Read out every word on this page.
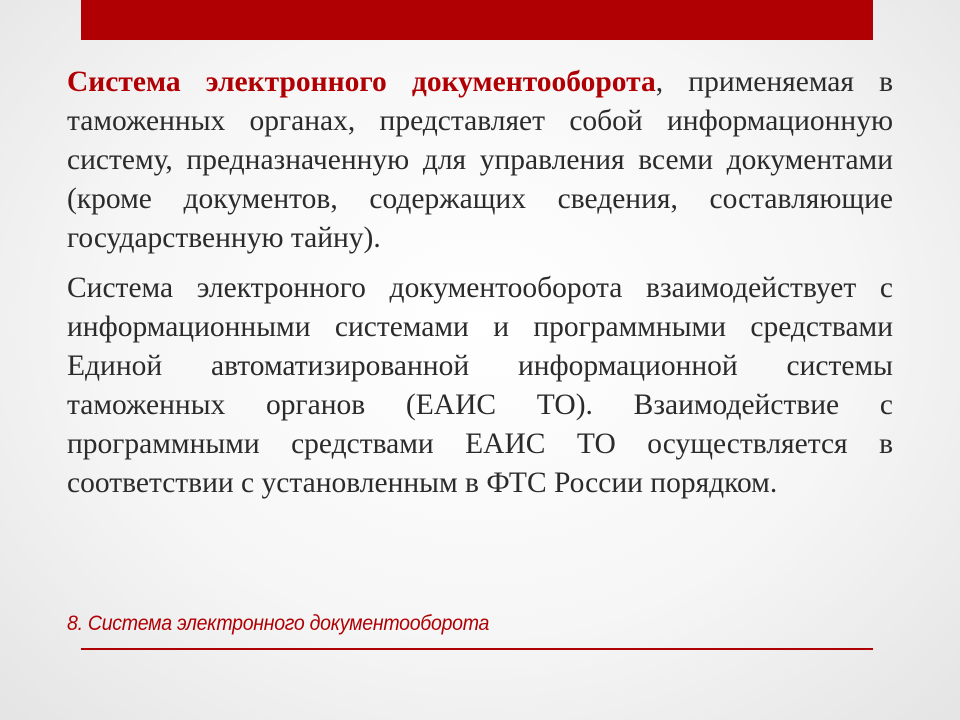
Система электронного документооборота, применяемая в таможенных органах, представляет собой информационную систему, предназначенную для управления всеми документами (кроме документов, содержащих сведения, составляющие государственную тайну).

Система электронного документооборота взаимодействует с информационными системами и программными средствами Единой автоматизированной информационной системы таможенных органов (ЕАИС ТО). Взаимодействие с программными средствами ЕАИС ТО осуществляется в соответствии с установленным в ФТС России порядком.

8. Система электронного документооборота
